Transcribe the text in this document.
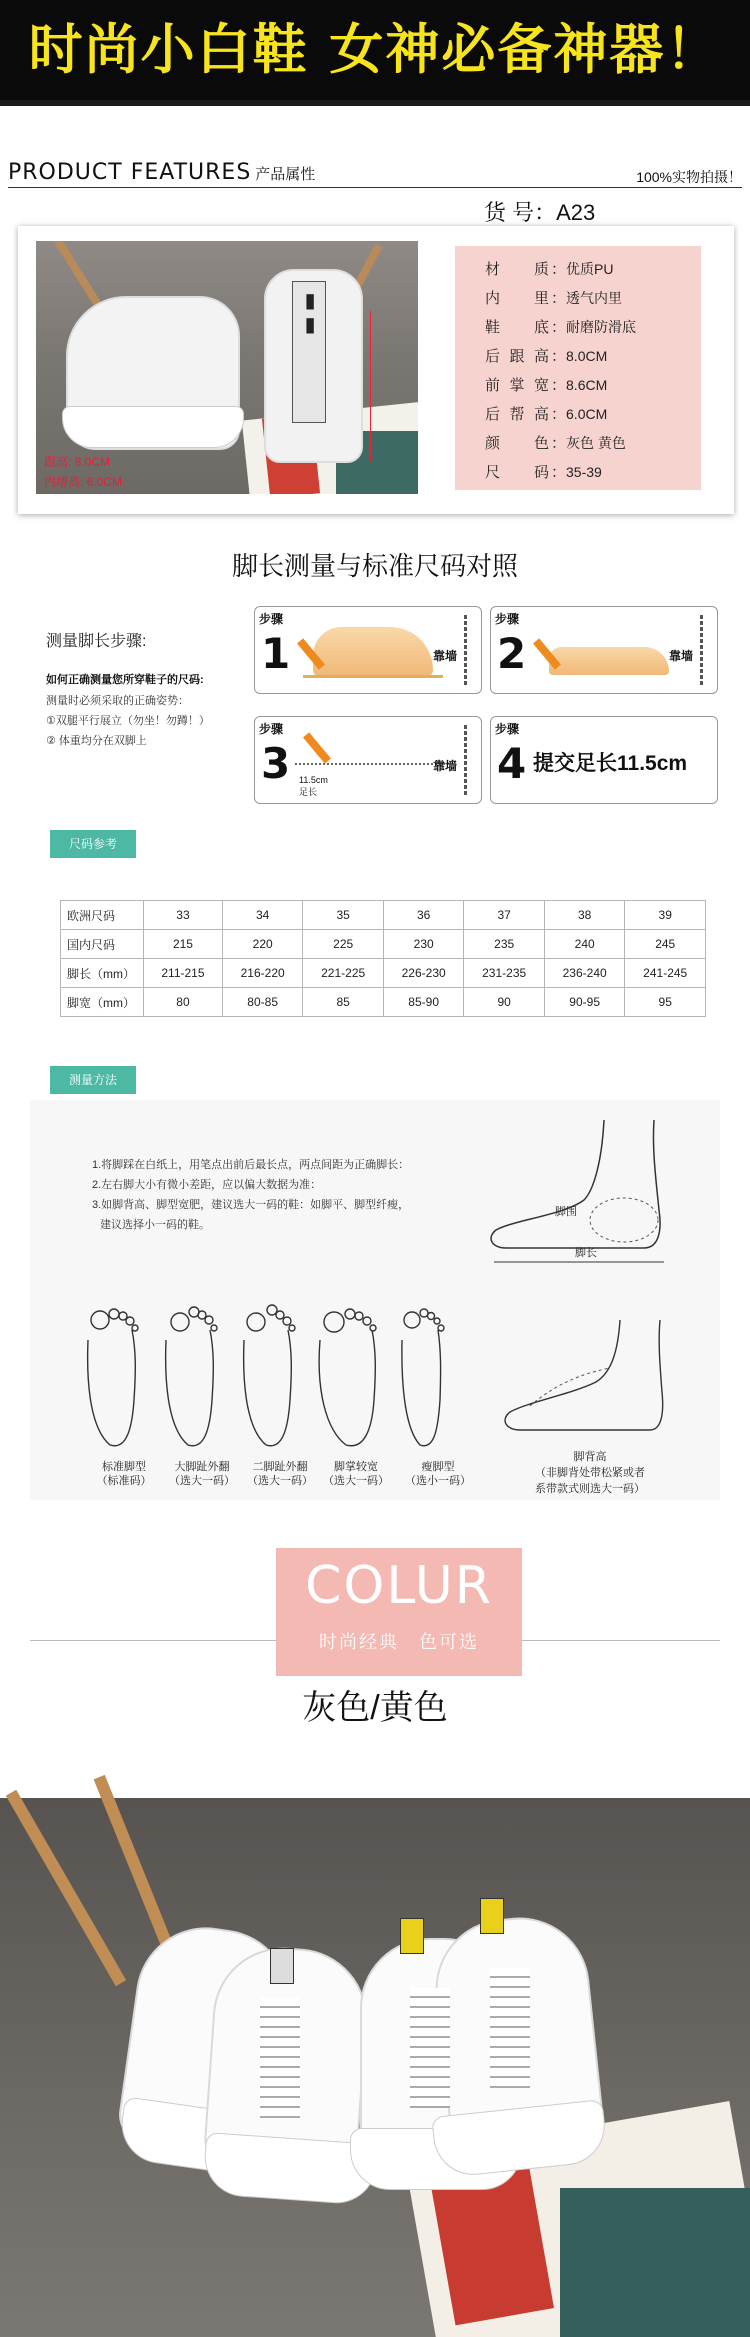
时尚小白鞋 女神必备神器！
PRODUCT FEATURES 产品属性	100%实物拍摄！
货 号：A23
▮▮
跟高: 8.0CM
内增高: 6.0CM
材质 ：优质PU
内里 ：透气内里
鞋底 ：耐磨防滑底
后跟高 ：8.0CM
前掌宽 ：8.6CM
后帮高 ：6.0CM
颜色 ：灰色 黄色
尺码 ：35-39
脚长测量与标准尺码对照
测量脚长步骤:
如何正确测量您所穿鞋子的尺码:
测量时必须采取的正确姿势：
①双腿平行展立（勿坐！勿蹲！）
② 体重均分在双脚上
步骤
1	靠墙
步骤
2	靠墙
步骤
3 11.5cm
足长
靠墙
步骤
4 提交足长11.5cm
尺码参考
欧洲尺码	33	34	35	36	37	38	39
国内尺码	215	220	225	230	235	240	245
脚长（mm）	211-215	216-220	221-225	226-230	231-235	236-240	241-245
脚宽（mm）	80	80-85	85	85-90	90	90-95	95
测量方法
1.将脚踩在白纸上，用笔点出前后最长点，两点间距为正确脚长：
2.左右脚大小有微小差距，应以偏大数据为准：
3.如脚背高、脚型宽肥，建议选大一码的鞋：如脚平、脚型纤瘦，
建议选择小一码的鞋。
脚围
脚长
标准脚型
（标准码）
大脚趾外翻
（选大一码）
二脚趾外翻
（选大一码）
脚掌较宽
（选大一码）
瘦脚型
（选小一码）
脚背高
（非脚背处带松紧或者
系带款式则选大一码）
COLUR
时尚经典　色可选
灰色/黄色
